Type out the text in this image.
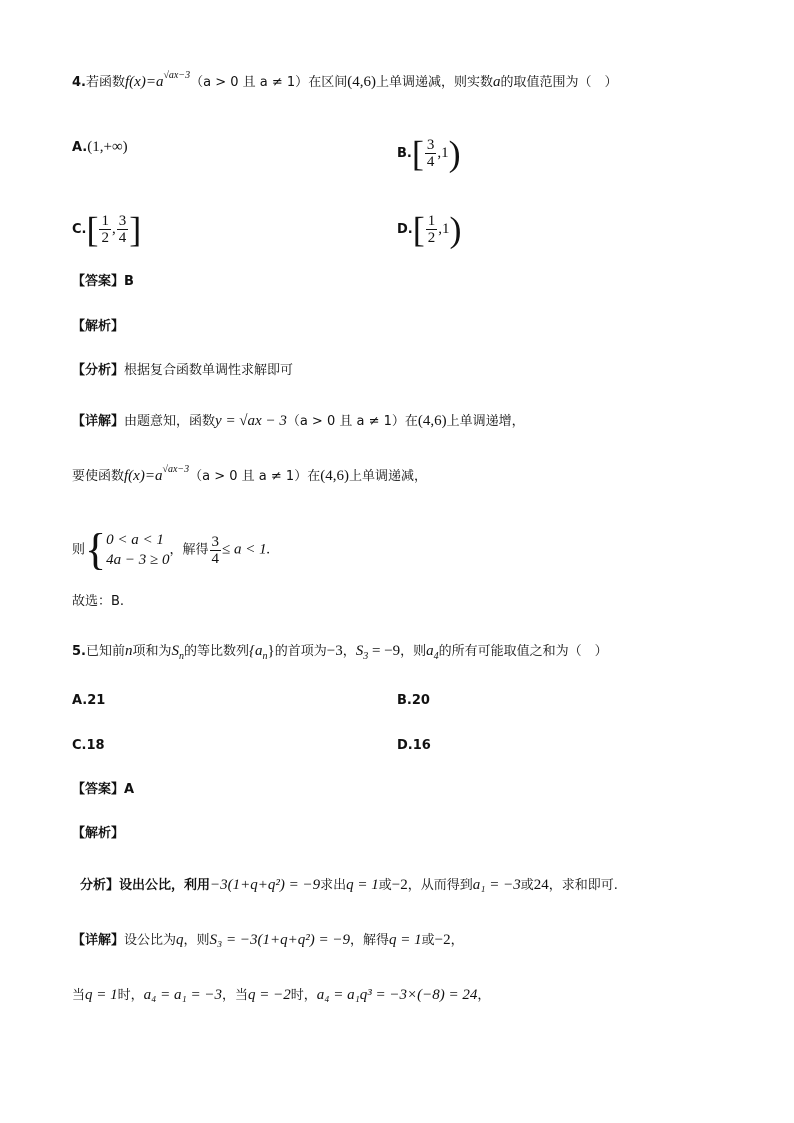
4.若函数$f(x)=a^{√ax-3}(a > 0$ 且 a ≠ 1）在区间(4,6)上单调递减，则实数a的取值范围为（　）
A.(1,+∞)	$B.[ \frac{3}{4} ,1)$
$C.[ \frac{1}{2}$ , $\frac{3}{4}$ ]	$D.[ \frac{1}{2} ,1)$
【答案】B
【解析】
【分析】根据复合函数单调性求解即可
【详解】由题意知，函数y = √ax − 3（a > 0 且 a ≠ 1）在(4,6)上单调递增，
要使函数$f(x)=a^{√ax-3}(a > 0$ 且 a ≠ 1）在(4,6)上单调递减，
则{ 0 < a < 1
4a − 3 ≥ 0
，解得 $\frac{3}{4} \le a < 1$.
故选：B.
5.已知前n项和为$S_n$的等比数列$\{a_n\}$的首项为−3，$S_3 = -9$，则$a_4$的所有可能取值之和为（　）
A.21	B.20
C.18	D.16
【答案】A
【解析】
分析】设出公比，利用−3(1+q+q²) = −9求出q = 1或−2，从而得到a₁ = −3或24，求和即可.
【详解】设公比为q，则S₃ = −3(1+q+q²) = −9，解得q = 1或−2，
当q = 1时，a₄ = a₁ = −3，当q = −2时，a₄ = a₁q³ = −3×(−8) = 24，
